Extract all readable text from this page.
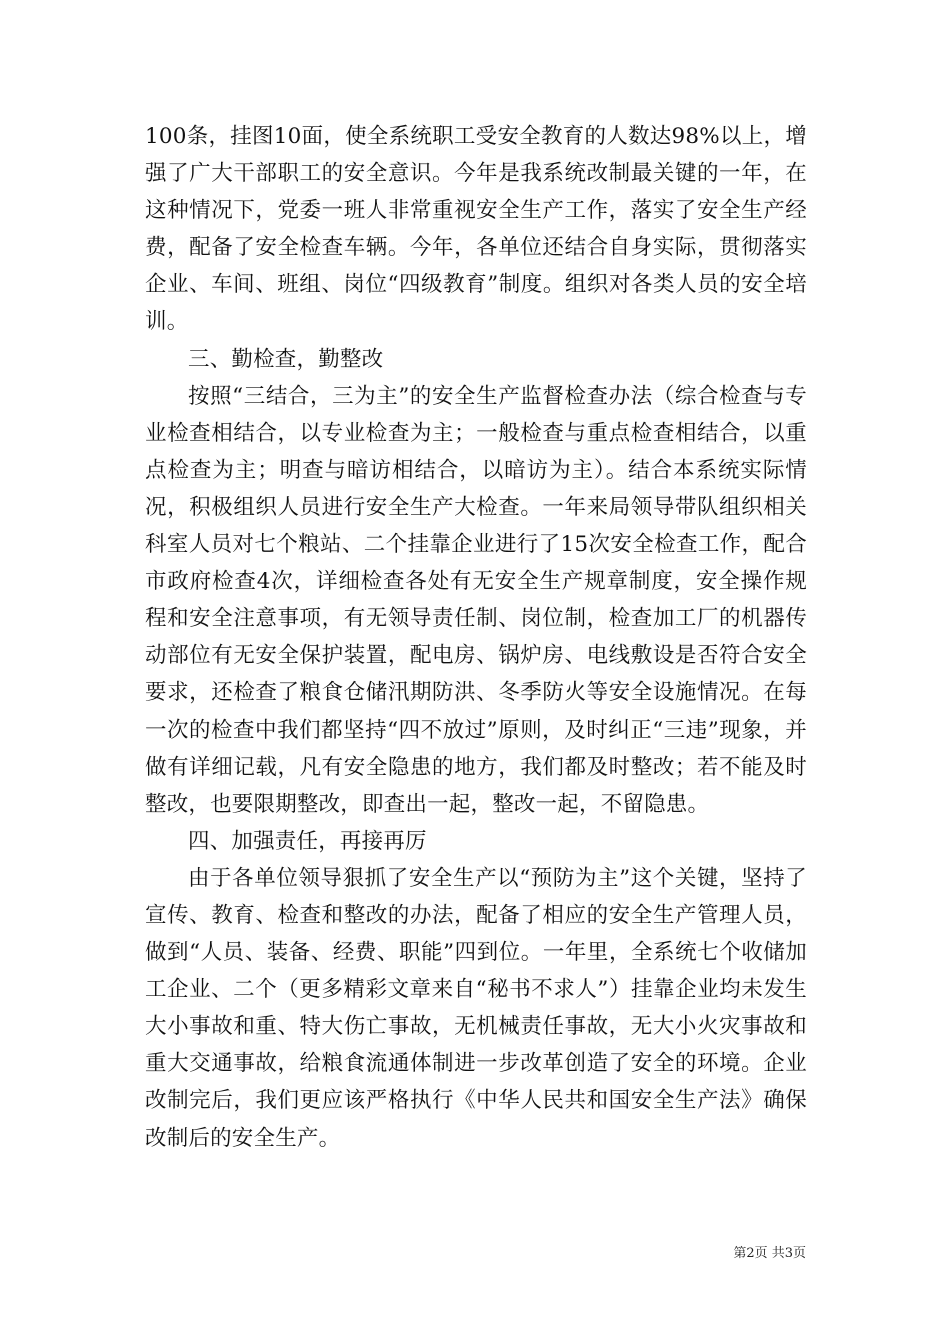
100条，挂图10面，使全系统职工受安全教育的人数达98%以上，增强了广大干部职工的安全意识。今年是我系统改制最关键的一年，在这种情况下，党委一班人非常重视安全生产工作，落实了安全生产经费，配备了安全检查车辆。今年，各单位还结合自身实际，贯彻落实企业、车间、班组、岗位“四级教育”制度。组织对各类人员的安全培训。

三、勤检查，勤整改

按照“三结合，三为主”的安全生产监督检查办法（综合检查与专业检查相结合，以专业检查为主；一般检查与重点检查相结合，以重点检查为主；明查与暗访相结合，以暗访为主）。结合本系统实际情况，积极组织人员进行安全生产大检查。一年来局领导带队组织相关科室人员对七个粮站、二个挂靠企业进行了15次安全检查工作，配合市政府检查4次，详细检查各处有无安全生产规章制度，安全操作规程和安全注意事项，有无领导责任制、岗位制，检查加工厂的机器传动部位有无安全保护装置，配电房、锅炉房、电线敷设是否符合安全要求，还检查了粮食仓储汛期防洪、冬季防火等安全设施情况。在每一次的检查中我们都坚持“四不放过”原则，及时纠正“三违”现象，并做有详细记载，凡有安全隐患的地方，我们都及时整改；若不能及时整改，也要限期整改，即查出一起，整改一起，不留隐患。

四、加强责任，再接再厉

由于各单位领导狠抓了安全生产以“预防为主”这个关键，坚持了宣传、教育、检查和整改的办法，配备了相应的安全生产管理人员，做到“人员、装备、经费、职能”四到位。一年里，全系统七个收储加工企业、二个（更多精彩文章来自“秘书不求人”）挂靠企业均未发生大小事故和重、特大伤亡事故，无机械责任事故，无大小火灾事故和重大交通事故，给粮食流通体制进一步改革创造了安全的环境。企业改制完后，我们更应该严格执行《中华人民共和国安全生产法》确保改制后的安全生产。

第2页 共3页
